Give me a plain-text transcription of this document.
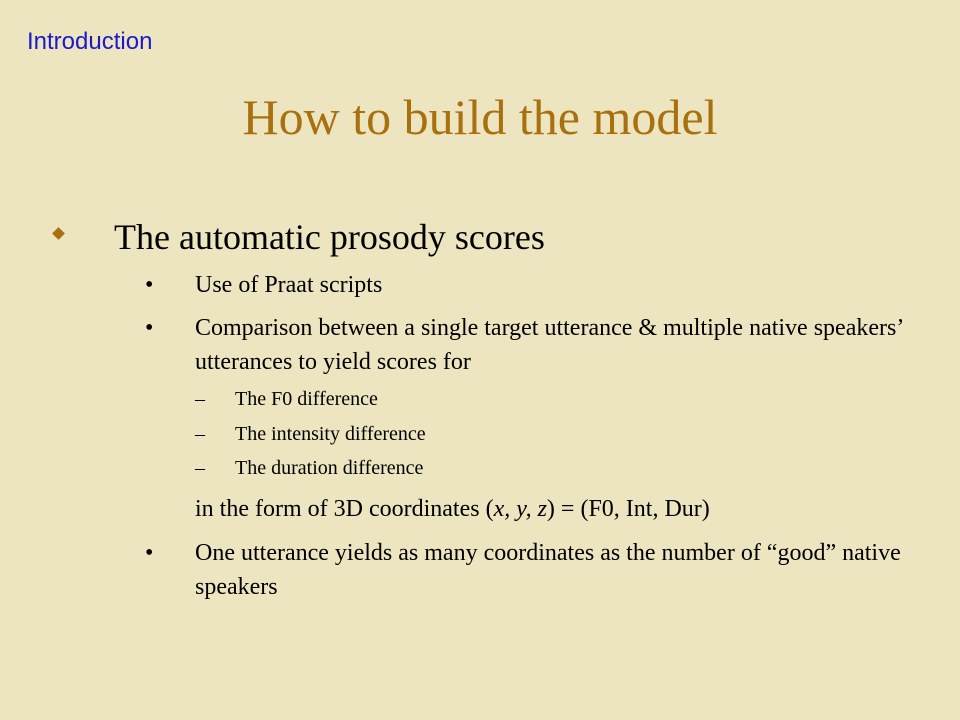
Introduction
How to build the model
The automatic prosody scores
• Use of Praat scripts
• Comparison between a single target utterance & multiple native speakers’ utterances to yield scores for
– The F0 difference
– The intensity difference
– The duration difference
in the form of 3D coordinates (x, y, z) = (F0, Int, Dur)
• One utterance yields as many coordinates as the number of “good” native speakers
